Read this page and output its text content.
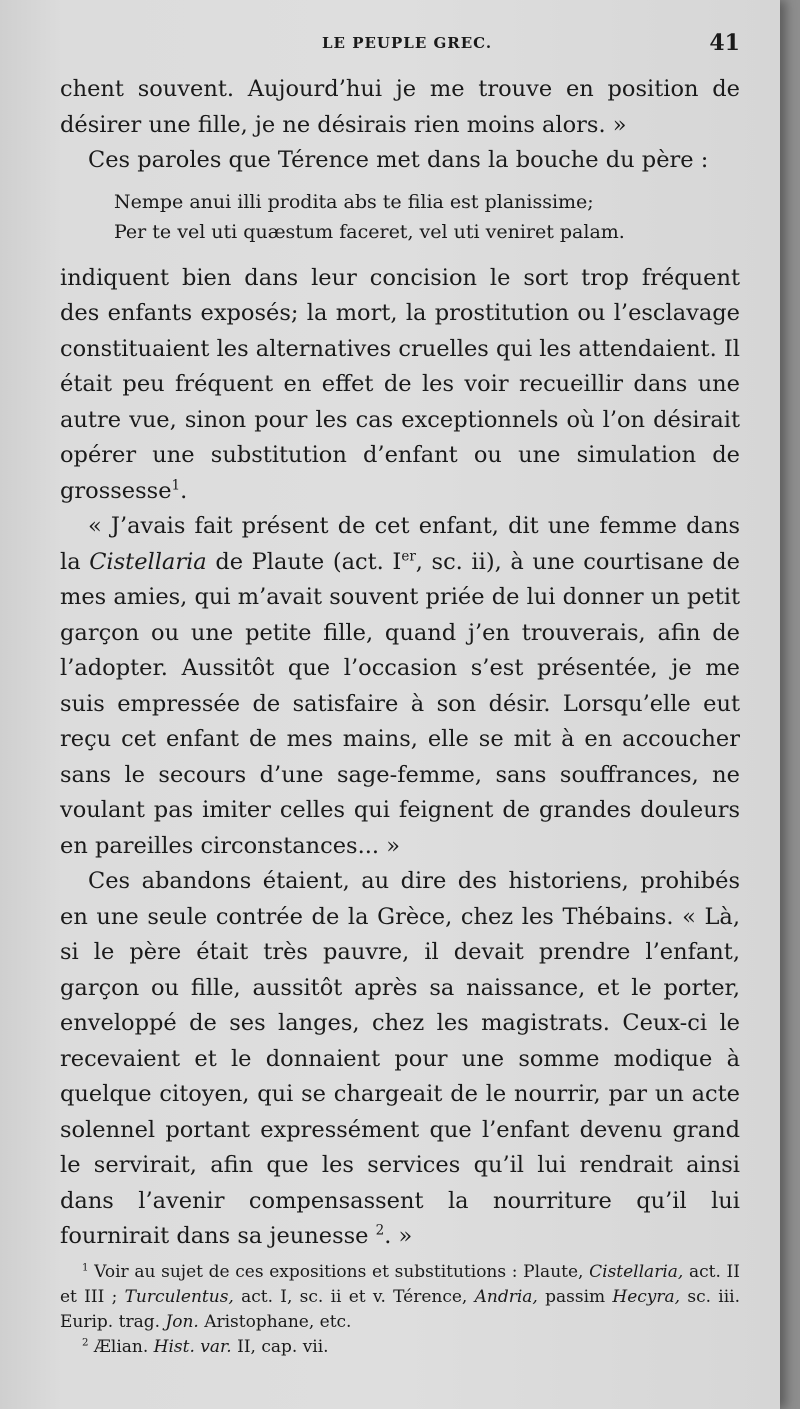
LE PEUPLE GREC.	41

chent souvent. Aujourd’hui je me trouve en position de désirer une fille, je ne désirais rien moins alors. »

Ces paroles que Térence met dans la bouche du père :

Nempe anui illi prodita abs te filia est planissime;
Per te vel uti quæstum faceret, vel uti veniret palam.

indiquent bien dans leur concision le sort trop fréquent des enfants exposés; la mort, la prostitution ou l’esclavage constituaient les alternatives cruelles qui les attendaient. Il était peu fréquent en effet de les voir recueillir dans une autre vue, sinon pour les cas exceptionnels où l’on désirait opérer une substitution d’enfant ou une simulation de grossesse$^1$.

« J’avais fait présent de cet enfant, dit une femme dans la Cistellaria de Plaute (act. Ier, sc. ii), à une courtisane de mes amies, qui m’avait souvent priée de lui donner un petit garçon ou une petite fille, quand j’en trouverais, afin de l’adopter. Aussitôt que l’occasion s’est présentée, je me suis empressée de satisfaire à son désir. Lorsqu’elle eut reçu cet enfant de mes mains, elle se mit à en accoucher sans le secours d’une sage-femme, sans souffrances, ne voulant pas imiter celles qui feignent de grandes douleurs en pareilles circonstances... »

Ces abandons étaient, au dire des historiens, prohibés en une seule contrée de la Grèce, chez les Thébains. « Là, si le père était très pauvre, il devait prendre l’enfant, garçon ou fille, aussitôt après sa naissance, et le porter, enveloppé de ses langes, chez les magistrats. Ceux-ci le recevaient et le donnaient pour une somme modique à quelque citoyen, qui se chargeait de le nourrir, par un acte solennel portant expressément que l’enfant devenu grand le servirait, afin que les services qu’il lui rendrait ainsi dans l’avenir compensassent la nourriture qu’il lui fournirait dans sa jeunesse $^2$. »

$^1$ Voir au sujet de ces expositions et substitutions : Plaute, Cistellaria, act. II et III ; Turculentus, act. I, sc. ii et v. Térence, Andria, passim Hecyra, sc. iii. Eurip. trag. Jon. Aristophane, etc.

$^2$ Ælian. Hist. var. II, cap. vii.
